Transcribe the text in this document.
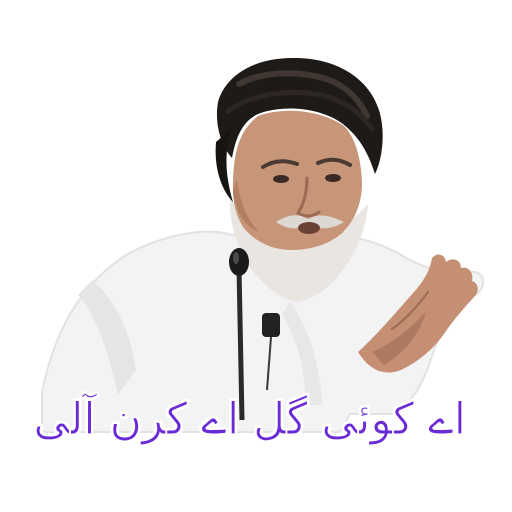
اے کوئی گل اے کرن آلی
